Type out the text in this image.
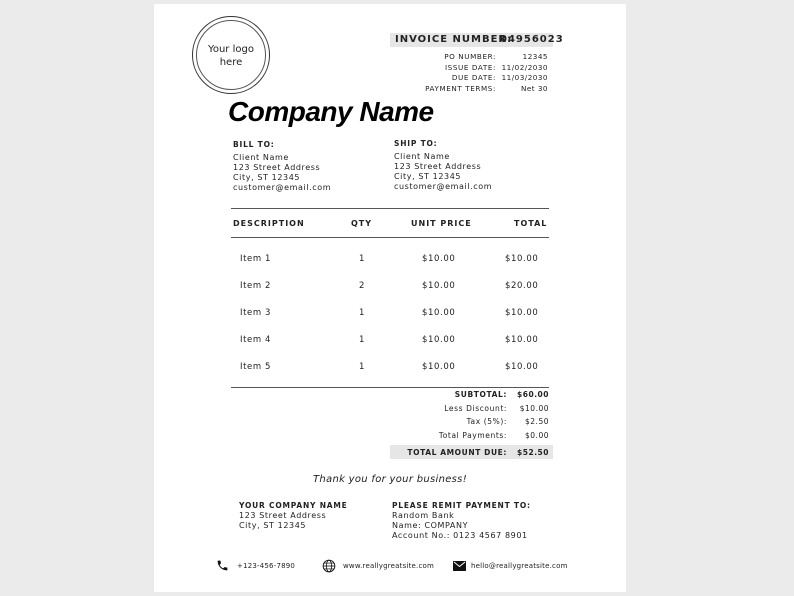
Your logo
here
INVOICE NUMBER:
04956023
PO NUMBER:	12345
ISSUE DATE: 11/02/2030
DUE DATE: 11/03/2030
PAYMENT TERMS:	Net 30
Company Name
BILL TO:
Client Name
123 Street Address
City, ST 12345
customer@email.com
SHIP TO:
Client Name
123 Street Address
City, ST 12345
customer@email.com
DESCRIPTION	QTY	UNIT PRICE	TOTAL
Item 1	1	$10.00	$10.00
Item 2	2	$10.00	$20.00
Item 3	1	$10.00	$10.00
Item 4	1	$10.00	$10.00
Item 5	1	$10.00	$10.00
SUBTOTAL:	$60.00
Less Discount:	$10.00
Tax (5%):	$2.50
Total Payments:	$0.00
TOTAL AMOUNT DUE:	$52.50
Thank you for your business!
YOUR COMPANY NAME
123 Street Address
City, ST 12345
PLEASE REMIT PAYMENT TO:
Random Bank
Name: COMPANY
Account No.: 0123 4567 8901
+123-456-7890	www.reallygreatsite.com	hello@reallygreatsite.com
